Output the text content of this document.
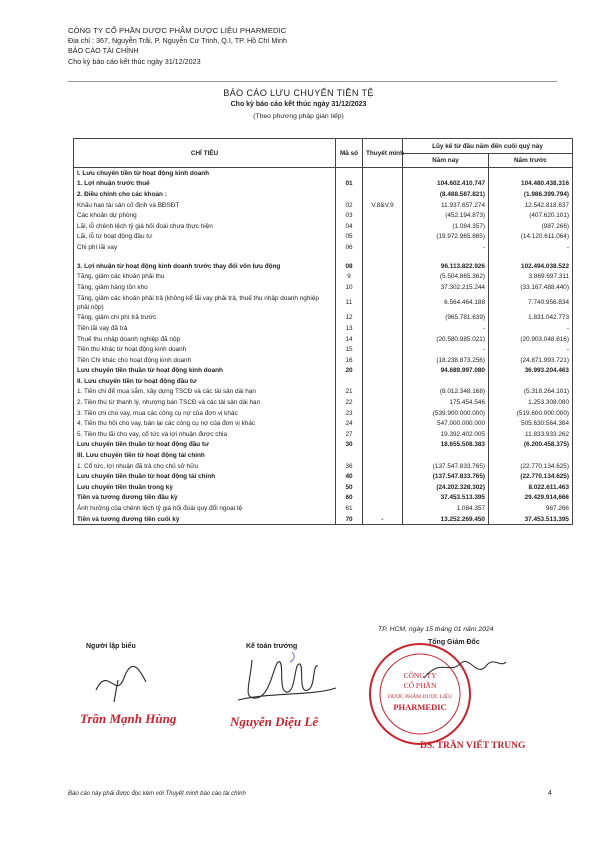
CÔNG TY CỔ PHẦN DƯỢC PHẨM DƯỢC LIỆU PHARMEDIC
Địa chỉ : 367, Nguyễn Trãi, P. Nguyễn Cư Trinh, Q.I, TP. Hồ Chí Minh
BÁO CÁO TÀI CHÍNH
Cho kỳ báo cáo kết thúc ngày 31/12/2023
BÁO CÁO LƯU CHUYỂN TIỀN TỆ
Cho kỳ báo cáo kết thúc ngày 31/12/2023
(Theo phương pháp gián tiếp)
CHỈ TIÊU	Mã số	Thuyết minh	Lũy kế từ đầu năm đến cuối quý này	
			Năm nay	Năm trước
I. Lưu chuyển tiền từ hoạt động kinh doanh				
1. Lợi nhuận trước thuế	01		104.602.410.747	104.480.438.316
2. Điều chỉnh cho các khoản :			(8.488.587.821)	(1.986.399.794)
Khấu hao tài sản cố định và BĐSĐT	02	V.8&V.9	11.937.657.274	12.542.818.637
Các khoản dự phòng	03		(452.194.873)	(407.620.101)
Lãi, lỗ chênh lệch tỷ giá hối đoái chưa thực hiện	04		(1.084.357)	(987.266)
Lãi, lỗ từ hoạt động đầu tư	05		(19.972.965.865)	(14.120.611.064)
Chi phí lãi vay	06		-	-

3. Lợi nhuận từ hoạt động kinh doanh trước thay đổi vốn lưu động	08		96.113.822.926	102.494.038.522
Tăng, giảm các khoản phải thu	9		(5.504.865.362)	3.869.697.311
Tăng, giảm hàng tồn kho	10		37.302.215.244	(33.167.488.440)
Tăng, giảm các khoản phải trả (không kể lãi vay phải trả, thuế thu nhập doanh nghiệp phải nộp)	11		6.564.464.188	7.740.956.834
Tăng, giảm chi phí trả trước	12		(965.781.639)	1.831.042.773
Tiền lãi vay đã trả	13		-	-
Thuế thu nhập doanh nghiệp đã nộp	14		(20.580.985.021)	(20.903.048.816)
Tiền thu khác từ hoạt động kinh doanh	15		-	-
Tiền Chi khác cho hoạt động kinh doanh	16		(18.238.873.256)	(24.871.993.721)
Lưu chuyển tiền thuần từ hoạt động kinh doanh	20		94.689.997.080	36.993.204.463
II. Lưu chuyển tiền từ hoạt động đầu tư				
1. Tiền chi để mua sắm, xây dựng TSCĐ và các tài sản dài hạn	21		(8.012.348.168)	(5.318.264.101)
2. Tiền thu từ thanh lý, nhượng bán TSCĐ và các tài sản dài hạn	22		175.454.546	1.253.308.080
3. Tiền chi cho vay, mua các công cụ nợ của đơn vị khác	23		(539.900.000.000)	(519.600.000.000)
4. Tiền thu hồi cho vay, bán lại các công cụ nợ của đơn vị khác	24		547.000.000.000	505.630.564.384
5. Tiền thu lãi cho vay, cổ tức và lợi nhuận được chia	27		19.392.402.005	11.833.933.262
Lưu chuyển tiền thuần từ hoạt động đầu tư	30		18.655.508.383	(6.200.458.375)
III. Lưu chuyển tiền từ hoạt động tài chính				
1. Cổ tức, lợi nhuận đã trả cho chủ sở hữu	36		(137.547.833.765)	(22.770.134.625)
Lưu chuyển tiền thuần từ hoạt động tài chính	40		(137.547.833.765)	(22.770.134.625)
Lưu chuyển tiền thuần trong kỳ	50		(24.202.328.302)	8.022.611.463
Tiền và tương đương tiền đầu kỳ	60		37.453.513.395	29.429.914,666
Ảnh hưởng của chênh lệch tỷ giá hối đoái quy đổi ngoại tệ	61		1.084.357	987.266
Tiền và tương đương tiền cuối kỳ	70	-	13.252.269.450	37.453.513.395
TP. HCM, ngày 15 tháng 01 năm 2024
Người lập biểu	Kế toán trưởng
Tổng Giám Đốc
Trần Mạnh Hùng	Nguyễn Diệu Lê
CÔNG TY
CỔ PHẦN
DƯỢC PHẨM DƯỢC LIỆU
PHARMEDIC
DS. TRẦN VIẾT TRUNG
Báo cáo này phải được đọc kèm với Thuyết minh báo cáo tài chính	4
